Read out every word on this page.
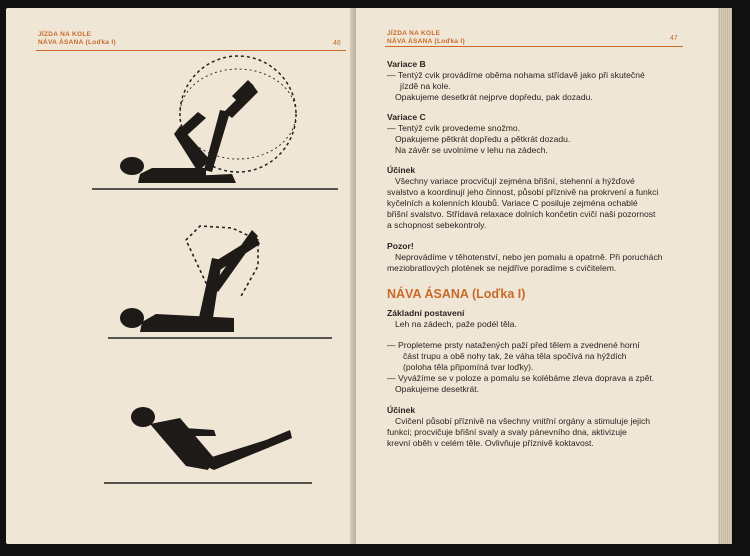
JÍZDA NA KOLE
NÁVA ÁSANA (Loďka I)	46
JÍZDA NA KOLE
NÁVA ÁSANA (Loďka I)	47
Variace B
— Tentýž cvik provádíme oběma nohama střídavě jako při skutečné
jízdě na kole.
Opakujeme desetkrát nejprve dopředu, pak dozadu.
Variace C
— Tentýž cvik provedeme snožmo.
Opakujeme pětkrát dopředu a pětkrát dozadu.
Na závěr se uvolníme v lehu na zádech.
Účinek
Všechny variace procvičují zejména břišní, stehenní a hýžďové
svalstvo a koordinují jeho činnost, působí příznivě na prokrvení a funkci
kyčelních a kolenních kloubů. Variace C posiluje zejména ochablé
břišní svalstvo. Střídavá relaxace dolních končetin cvičí naši pozornost
a schopnost sebekontroly.
Pozor!
Neprovádíme v těhotenství, nebo jen pomalu a opatrně. Při poruchách
meziobratlových plotének se nejdříve poradíme s cvičitelem.
NÁVA ÁSANA (Loďka I)
Základní postavení
Leh na zádech, paže podél těla.
— Propleteme prsty natažených paží před tělem a zvednené horní
část trupu a obě nohy tak, že váha těla spočívá na hýždích
(poloha těla připomíná tvar loďky).
— Vyvážíme se v poloze a pomalu se kolébáme zleva doprava a zpět.
Opakujeme desetkrát.
Účinek
Cvičení působí příznivě na všechny vnitřní orgány a stimuluje jejich
funkci; procvičuje břišní svaly a svaly pánevního dna, aktivizuje
krevní oběh v celém těle. Ovlivňuje příznivě koktavost.
